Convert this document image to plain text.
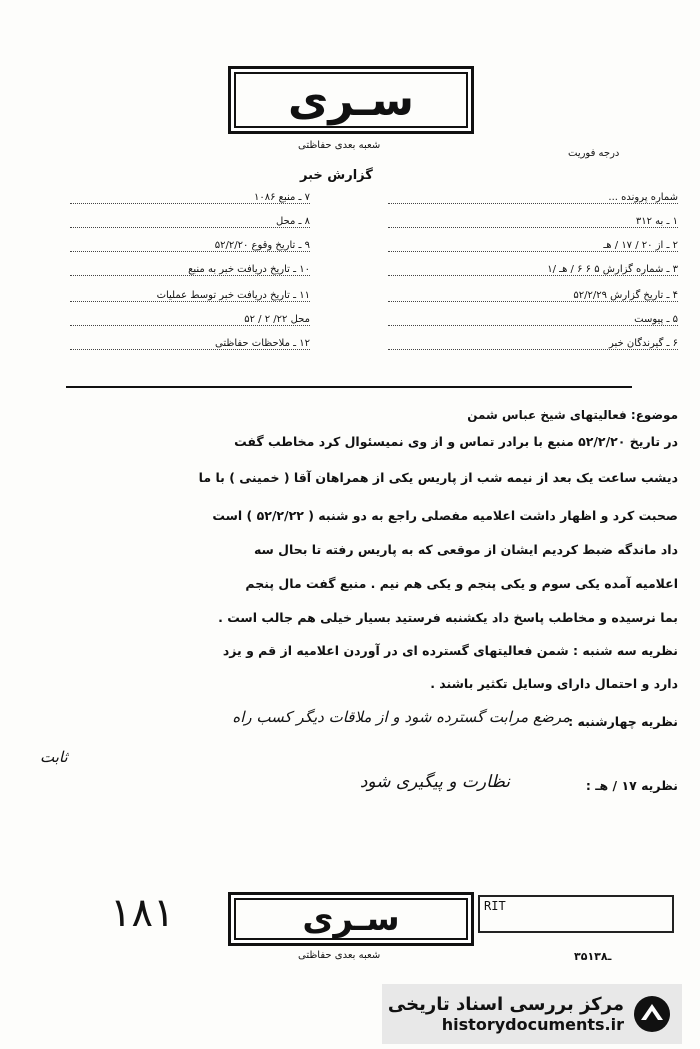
سـری
شعبه بعدی حفاظتی
درجه فوریت
گزارش خبر
شماره پرونده ...
۱ ـ به ۳۱۲
۲ ـ از ۲۰ / ۱۷ / هـ
۳ ـ شماره گزارش ۵ ۶ ۶ / هـ /۱
۴ ـ تاریخ گزارش ۵۲/۲/۲۹
۵ ـ پیوست
۶ ـ گیرندگان خبر
۷ ـ منبع ۱۰۸۶
۸ ـ محل
۹ ـ تاریخ وقوع ۵۲/۲/۲۰
۱۰ ـ تاریخ دریافت خبر به منبع
۱۱ ـ تاریخ دریافت خبر توسط عملیات
محل ۲۲/ ۲ / ۵۲
۱۲ ـ ملاحظات حفاظتی
موضوع: فعالیتهای شیخ عباس شمن
در تاریخ ۵۲/۲/۲۰ منبع با برادر تماس و از وی نمیسئوال کرد مخاطب گفت
دیشب ساعت یک بعد از نیمه شب از پاریس یکی از همراهان آقا ( خمینی ) با ما
صحبت کرد و اظهار داشت اعلامیه مفصلی راجع به دو شنبه ( ۵۲/۲/۲۲ ) است
داد ماندگه ضبط کردیم ایشان از موقعی که به پاریس رفته تا بحال سه
اعلامیه آمده یکی سوم و یکی پنجم و یکی هم نیم . منبع گفت مال پنجم
بما نرسیده و مخاطب پاسخ داد یکشنبه فرستید بسیار خیلی هم جالب است .
نظریه سه شنبه : شمن فعالیتهای گسترده ای در آوردن اعلامیه از قم و یزد
دارد و احتمال دارای وسایل تکثیر باشند .
نظریه چهارشنبه :
مرضع مرابت گسترده شود و از ملاقات دیگر کسب راه
ثابت
نظریه ۱۷ / هـ :
نظارت و پیگیری شود
۱۸۱	سـری	RIT
شعبه بعدی حفاظتی	۳۵ـ۱۳۸
مرکز بررسی اسناد تاریخی
historydocuments.ir
